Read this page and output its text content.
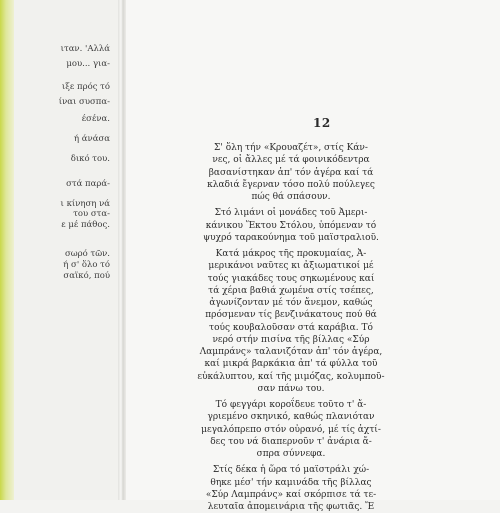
ιταν. 'Αλλά
μου... για-
ιξε πρός τό
ίναι συσπα-
έσένα.
ή άνάσα
δικό του.
στά παρά-
ι κίνηση νά
του στα-
ε μέ πάθος.
σωρό τῶν.
ή σ' ὅλο τό
σαϊκό, πού
12
Σ' ὅλη τήν «Κρουαζέτ», στίς Κάν-
νες, οἱ ἄλλες μέ τά φοινικόδεντρα
βασανίστηκαν ἀπ' τόν ἀγέρα καί τά
κλαδιά ἔγερναν τόσο πολύ πούλεγες
πώς θά σπάσουν.
Στό λιμάνι οἱ μονάδες τοῦ Ἀμερι-
κάνικου Ἕκτου Στόλου, ὑπόμεναν τό
ψυχρό ταρακούνημα τοῦ μαϊστραλιοῦ.
Κατά μάκρος τῆς προκυμαίας, Ἀ-
μερικάνοι ναῦτες κι ἀξιωματικοί μέ
τούς γιακάδες τους σηκωμένους καί
τά χέρια βαθιά χωμένα στίς τσέπες,
ἀγωνίζονταν μέ τόν ἄνεμον, καθώς
πρόσμεναν τίς βενζινάκατους πού θά
τούς κουβαλοῦσαν στά καράβια. Τό
νερό στήν πισίνα τῆς βίλλας «Σύρ
Λαμπράνς» ταλανιζόταν ἀπ' τόν ἀγέρα,
καί μικρά βαρκάκια ἀπ' τά φύλλα τοῦ
εὐκάλυπτου, καί τῆς μιμόζας, κολυμποῦ-
σαν πάνω του.
Τό φεγγάρι κοροΐδευε τοῦτο τ' ἄ-
γριεμένο σκηνικό, καθώς πλανιόταν
μεγαλόπρεπο στόν οὐρανό, μέ τίς ἀχτί-
δες του νά διαπερνοῦν τ' ἀνάρια ἄ-
σπρα σύννεφα.
Στίς δέκα ἡ ὥρα τό μαϊστράλι χώ-
θηκε μέσ' τήν καμινάδα τῆς βίλλας
«Σύρ Λαμπράνς» καί σκόρπισε τά τε-
λευταῖα ἀπομεινάρια τῆς φωτιᾶς. Ἔ
